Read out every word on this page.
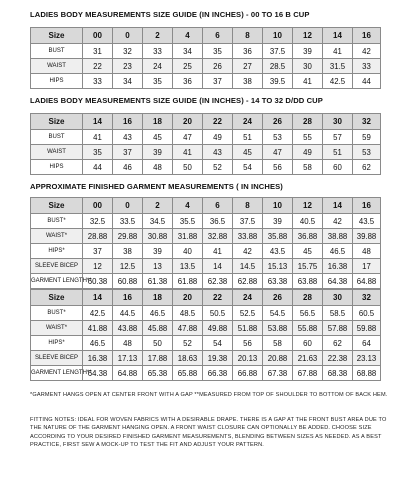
LADIES BODY MEASUREMENTS SIZE GUIDE (IN INCHES) - 00 TO 16 B CUP
Size	00	0	2	4	6	8	10	12	14	16
BUST	31	32	33	34	35	36	37.5	39	41	42
WAIST	22	23	24	25	26	27	28.5	30	31.5	33
HIPS	33	34	35	36	37	38	39.5	41	42.5	44
LADIES BODY MEASUREMENTS SIZE GUIDE (IN INCHES) - 14 TO 32 D/DD CUP
Size	14	16	18	20	22	24	26	28	30	32
BUST	41	43	45	47	49	51	53	55	57	59
WAIST	35	37	39	41	43	45	47	49	51	53
HIPS	44	46	48	50	52	54	56	58	60	62
APPROXIMATE FINISHED GARMENT MEASUREMENTS ( IN INCHES)
Size	00	0	2	4	6	8	10	12	14	16
BUST*	32.5	33.5	34.5	35.5	36.5	37.5	39	40.5	42	43.5
WAIST*	28.88	29.88	30.88	31.88	32.88	33.88	35.88	36.88	38.88	39.88
HIPS*	37	38	39	40	41	42	43.5	45	46.5	48
SLEEVE BICEP	12	12.5	13	13.5	14	14.5	15.13	15.75	16.38	17
GARMENT LENGTH**	60.38	60.88	61.38	61.88	62.38	62.88	63.38	63.88	64.38	64.88
Size	14	16	18	20	22	24	26	28	30	32
BUST*	42.5	44.5	46.5	48.5	50.5	52.5	54.5	56.5	58.5	60.5
WAIST*	41.88	43.88	45.88	47.88	49.88	51.88	53.88	55.88	57.88	59.88
HIPS*	46.5	48	50	52	54	56	58	60	62	64
SLEEVE BICEP	16.38	17.13	17.88	18.63	19.38	20.13	20.88	21.63	22.38	23.13
GARMENT LENGTH**	64.38	64.88	65.38	65.88	66.38	66.88	67.38	67.88	68.38	68.88
*GARMENT HANGS OPEN AT CENTER FRONT WITH A GAP **MEASURED FROM TOP OF SHOULDER TO BOTTOM OF BACK HEM.
FITTING NOTES: IDEAL FOR WOVEN FABRICS WITH A DESIRABLE DRAPE. THERE IS A GAP AT THE FRONT BUST AREA DUE TO THE NATURE OF THE GARMENT HANGING OPEN. A FRONT WAIST CLOSURE CAN OPTIONALLY BE ADDED. CHOOSE SIZE ACCORDING TO YOUR DESIRED FINISHED GARMENT MEASUREMENTS, BLENDING BETWEEN SIZES AS NEEDED. AS A BEST PRACTICE, FIRST SEW A MOCK-UP TO TEST THE FIT AND ADJUST YOUR PATTERN.
